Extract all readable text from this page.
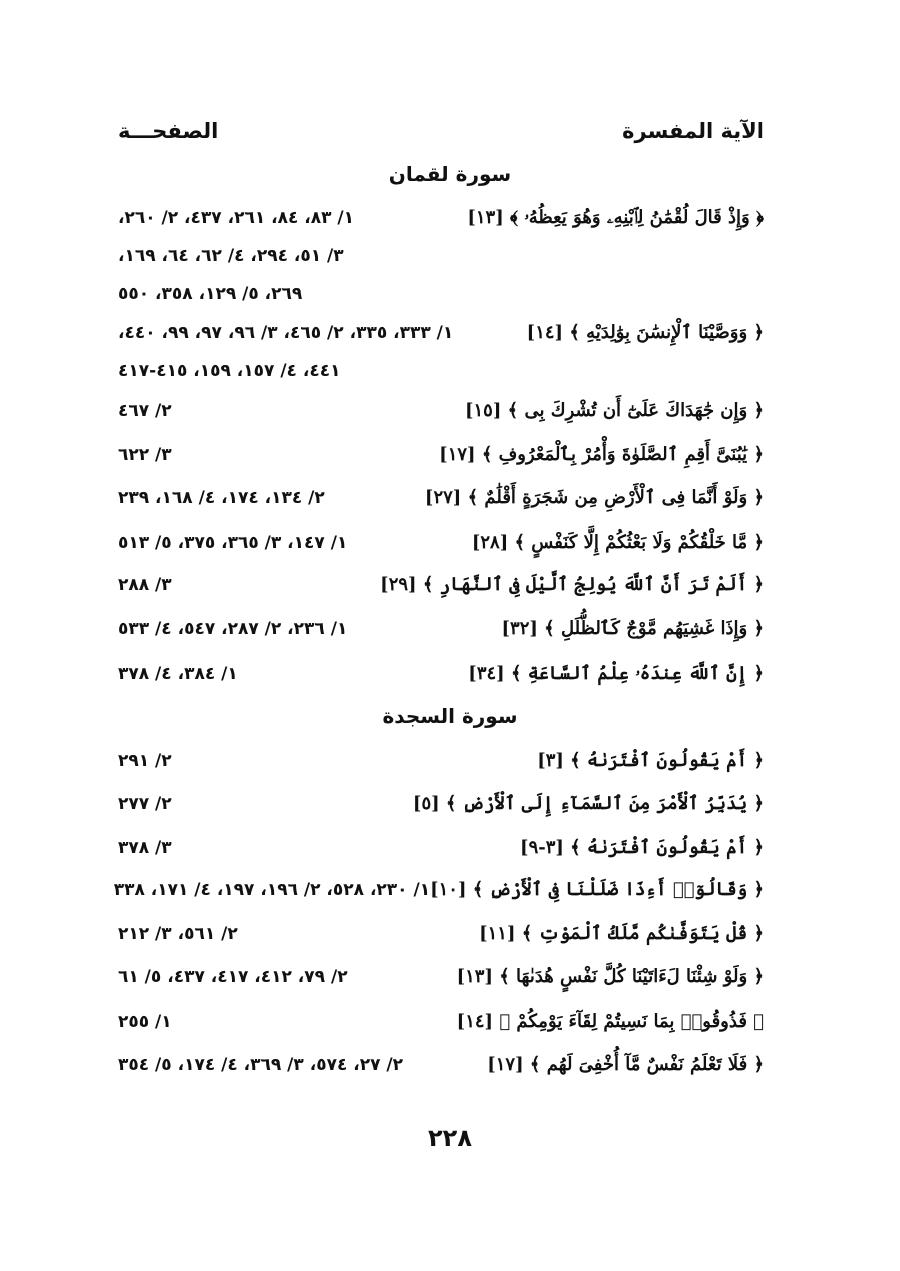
الآية المفسرة
الصفحـــة
سورة لقمان
﴿ وَإِذْ قَالَ لُقْمَٰنُ لِٱبْنِهِۦ وَهُوَ يَعِظُهُۥ ﴾ [١٣]
١/ ٨٣، ٨٤، ٢٦١، ٤٣٧، ٢/ ٢٦٠،
٣/ ٥١، ٢٩٤، ٤/ ٦٢، ٦٤، ١٦٩،
٢٦٩، ٥/ ١٢٩، ٣٥٨، ٥٥٠
﴿ وَوَصَّيْنَا ٱلْإِنسَٰنَ بِوَٰلِدَيْهِ ﴾ [١٤]
١/ ٣٣٣، ٣٣٥، ٢/ ٤٦٥، ٣/ ٩٦، ٩٧، ٩٩، ٤٤٠،
٤٤١، ٤/ ١٥٧، ١٥٩، ٤١٥-٤١٧
﴿ وَإِن جَٰهَدَاكَ عَلَىٰٓ أَن تُشْرِكَ بِى ﴾ [١٥]
٢/ ٤٦٧
﴿ يَٰبُنَىَّ أَقِمِ ٱلصَّلَوٰةَ وَأْمُرْ بِٱلْمَعْرُوفِ ﴾ [١٧]
٣/ ٦٢٢
﴿ وَلَوْ أَنَّمَا فِى ٱلْأَرْضِ مِن شَجَرَةٍ أَقْلَٰمٌ ﴾ [٢٧]
٢/ ١٣٤، ١٧٤، ٤/ ١٦٨، ٢٣٩
﴿ مَّا خَلْقُكُمْ وَلَا بَعْثُكُمْ إِلَّا كَنَفْسٍ ﴾ [٢٨]
١/ ١٤٧، ٣/ ٣٦٥، ٣٧٥، ٥/ ٥١٣
﴿ أَلَمْ تَرَ أَنَّ ٱللَّهَ يُولِجُ ٱلَّيْلَ فِى ٱلنَّهَارِ ﴾ [٢٩]
٣/ ٢٨٨
﴿ وَإِذَا غَشِيَهُم مَّوْجٌ كَٱلظُّلَلِ ﴾ [٣٢]
١/ ٢٣٦، ٢/ ٢٨٧، ٥٤٧، ٤/ ٥٣٣
﴿ إِنَّ ٱللَّهَ عِندَهُۥ عِلْمُ ٱلسَّاعَةِ ﴾ [٣٤]
١/ ٣٨٤، ٤/ ٣٧٨
سورة السجدة
﴿ أَمْ يَقُولُونَ ٱفْتَرَىٰهُ ﴾ [٣]
٢/ ٢٩١
﴿ يُدَبِّرُ ٱلْأَمْرَ مِنَ ٱلسَّمَآءِ إِلَى ٱلْأَرْضِ ﴾ [٥]
٢/ ٢٧٧
﴿ أَمْ يَقُولُونَ ٱفْتَرَىٰهُ ﴾ [٣-٩]
٣/ ٣٧٨
﴿ وَقَالُوٓا۟ أَءِذَا ضَلَلْنَا فِى ٱلْأَرْضِ ﴾ [١٠]
١/ ٢٣٠، ٥٢٨، ٢/ ١٩٦، ١٩٧، ٤/ ١٧١، ٣٣٨
﴿ قُلْ يَتَوَفَّىٰكُم مَّلَكُ ٱلْمَوْتِ ﴾ [١١]
٢/ ٥٦١، ٣/ ٢١٢
﴿ وَلَوْ شِئْنَا لَءَاتَيْنَا كُلَّ نَفْسٍ هُدَىٰهَا ﴾ [١٣]
٢/ ٧٩، ٤١٢، ٤١٧، ٤٣٧، ٥/ ٦١
﴿ فَذُوقُوا۟ بِمَا نَسِيتُمْ لِقَآءَ يَوْمِكُمْ ﴾ [١٤]
١/ ٢٥٥
﴿ فَلَا تَعْلَمُ نَفْسٌ مَّآ أُخْفِىَ لَهُم ﴾ [١٧]
٢/ ٢٧، ٥٧٤، ٣/ ٣٦٩، ٤/ ١٧٤، ٥/ ٣٥٤
٢٢٨
